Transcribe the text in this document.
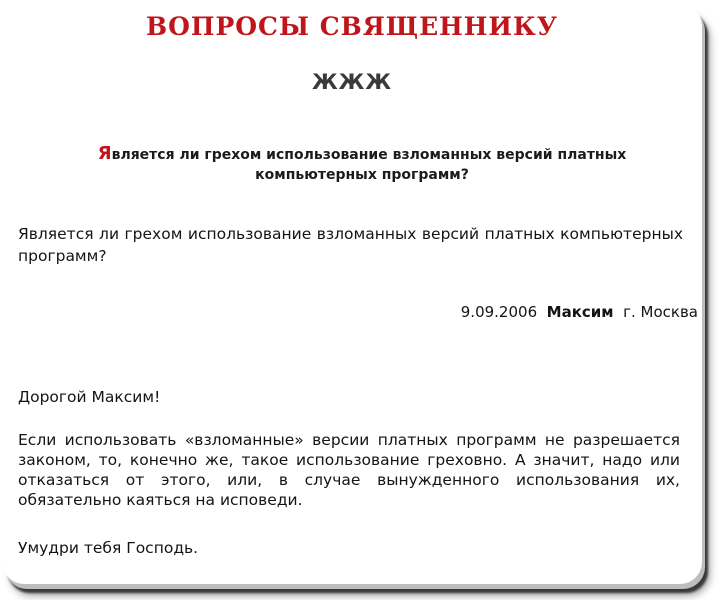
ВОПРОСЫ СВЯЩЕННИКУ
ЖЖЖ
Является ли грехом использование взломанных версий платных компьютерных программ?
Является ли грехом использование взломанных версий платных компьютерных программ?
9.09.2006 Максим г. Москва
Дорогой Максим!
Если использовать «взломанные» версии платных программ не разрешается законом, то, конечно же, такое использование греховно. А значит, надо или отказаться от этого, или, в случае вынужденного использования их, обязательно каяться на исповеди.
Умудри тебя Господь.
